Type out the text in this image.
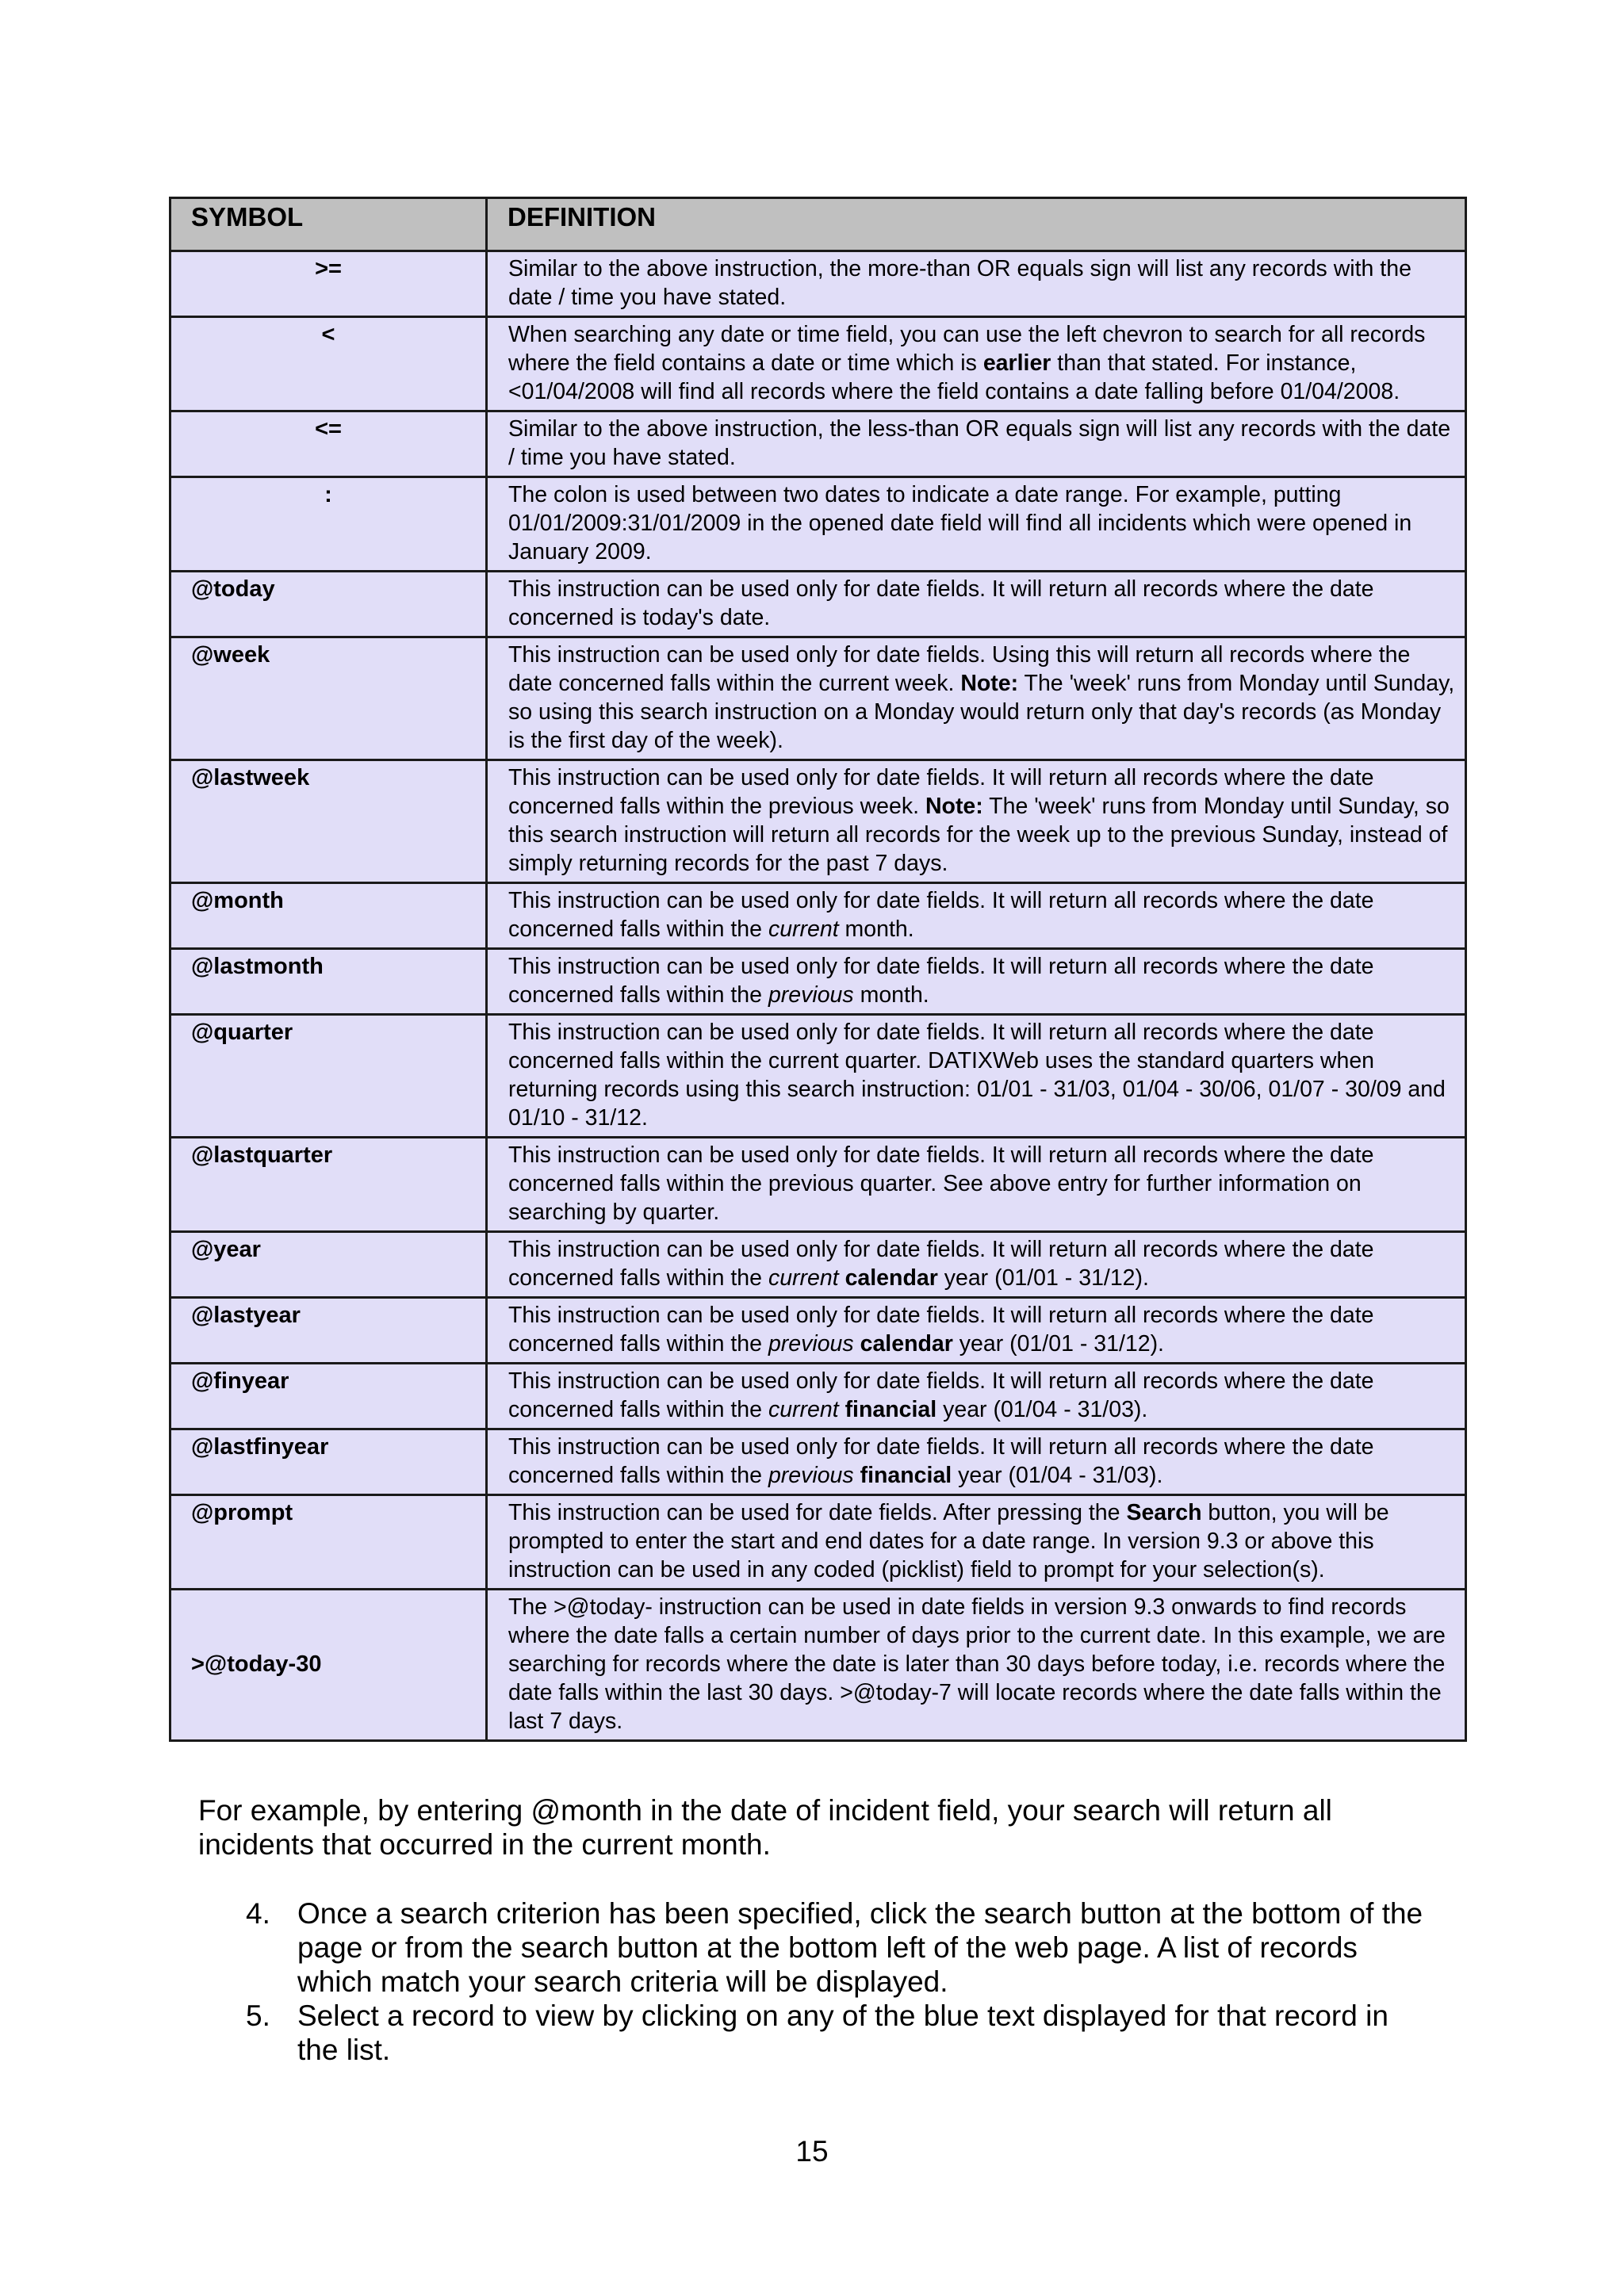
SYMBOL	DEFINITION
>=	Similar to the above instruction, the more-than OR equals sign will list any records with the date / time you have stated.
<	When searching any date or time field, you can use the left chevron to search for all records where the field contains a date or time which is earlier than that stated. For instance, <01/04/2008 will find all records where the field contains a date falling before 01/04/2008.
<=	Similar to the above instruction, the less-than OR equals sign will list any records with the date / time you have stated.
:	The colon is used between two dates to indicate a date range. For example, putting 01/01/2009:31/01/2009 in the opened date field will find all incidents which were opened in January 2009.
@today	This instruction can be used only for date fields. It will return all records where the date concerned is today's date.
@week	This instruction can be used only for date fields. Using this will return all records where the date concerned falls within the current week. Note: The 'week' runs from Monday until Sunday, so using this search instruction on a Monday would return only that day's records (as Monday is the first day of the week).
@lastweek	This instruction can be used only for date fields. It will return all records where the date concerned falls within the previous week. Note: The 'week' runs from Monday until Sunday, so this search instruction will return all records for the week up to the previous Sunday, instead of simply returning records for the past 7 days.
@month	This instruction can be used only for date fields. It will return all records where the date concerned falls within the current month.
@lastmonth	This instruction can be used only for date fields. It will return all records where the date concerned falls within the previous month.
@quarter	This instruction can be used only for date fields. It will return all records where the date concerned falls within the current quarter. DATIXWeb uses the standard quarters when returning records using this search instruction: 01/01 - 31/03, 01/04 - 30/06, 01/07 - 30/09 and 01/10 - 31/12.
@lastquarter	This instruction can be used only for date fields. It will return all records where the date concerned falls within the previous quarter. See above entry for further information on searching by quarter.
@year	This instruction can be used only for date fields. It will return all records where the date concerned falls within the current calendar year (01/01 - 31/12).
@lastyear	This instruction can be used only for date fields. It will return all records where the date concerned falls within the previous calendar year (01/01 - 31/12).
@finyear	This instruction can be used only for date fields. It will return all records where the date concerned falls within the current financial year (01/04 - 31/03).
@lastfinyear	This instruction can be used only for date fields. It will return all records where the date concerned falls within the previous financial year (01/04 - 31/03).
@prompt	This instruction can be used for date fields. After pressing the Search button, you will be prompted to enter the start and end dates for a date range. In version 9.3 or above this instruction can be used in any coded (picklist) field to prompt for your selection(s).
>@today-30	The >@today- instruction can be used in date fields in version 9.3 onwards to find records where the date falls a certain number of days prior to the current date. In this example, we are searching for records where the date is later than 30 days before today, i.e. records where the date falls within the last 30 days. >@today-7 will locate records where the date falls within the last 7 days.

For example, by entering @month in the date of incident field, your search will return all incidents that occurred in the current month.

4. Once a search criterion has been specified, click the search button at the bottom of the page or from the search button at the bottom left of the web page. A list of records which match your search criteria will be displayed.
5. Select a record to view by clicking on any of the blue text displayed for that record in the list.
15
